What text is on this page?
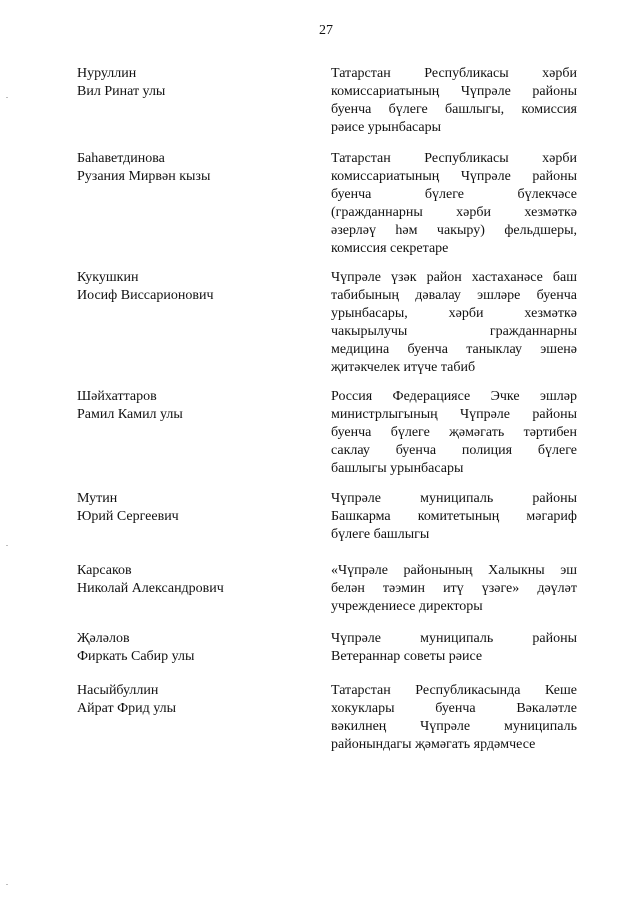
27
Нуруллин
Вил Ринат улы
Татарстан Республикасы хәрби
комиссариатының Чүпрәле районы
буенча бүлеге башлыгы, комиссия
рәисе урынбасары
Баһаветдинова
Рузания Мирвән кызы
Татарстан Республикасы хәрби
комиссариатының Чүпрәле районы
буенча бүлеге бүлекчәсе
(гражданнарны хәрби хезмәткә
әзерләү һәм чакыру) фельдшеры,
комиссия секретаре
Кукушкин
Иосиф Виссарионович
Чүпрәле үзәк район хастаханәсе баш
табибының дәвалау эшләре буенча
урынбасары, хәрби хезмәткә
чакырылучы гражданнарны
медицина буенча таныклау эшенә
җитәкчелек итүче табиб
Шәйхаттаров
Рамил Камил улы
Россия Федерациясе Эчке эшләр
министрлыгының Чүпрәле районы
буенча бүлеге җәмәгать тәртибен
саклау буенча полиция бүлеге
башлыгы урынбасары
Мутин
Юрий Сергеевич
Чүпрәле муниципаль районы
Башкарма комитетының мәгариф
бүлеге башлыгы
Карсаков
Николай Александрович
«Чүпрәле районының Халыкны эш
белән тәэмин итү үзәге» дәүләт
учреждениесе директоры
Җәләлов
Фиркать Сабир улы
Чүпрәле муниципаль районы
Ветераннар советы рәисе
Насыйбуллин
Айрат Фрид улы
Татарстан Республикасында Кеше
хокуклары буенча Вәкаләтле
вәкилнең Чүпрәле муниципаль
районындагы җәмәгать ярдәмчесе
